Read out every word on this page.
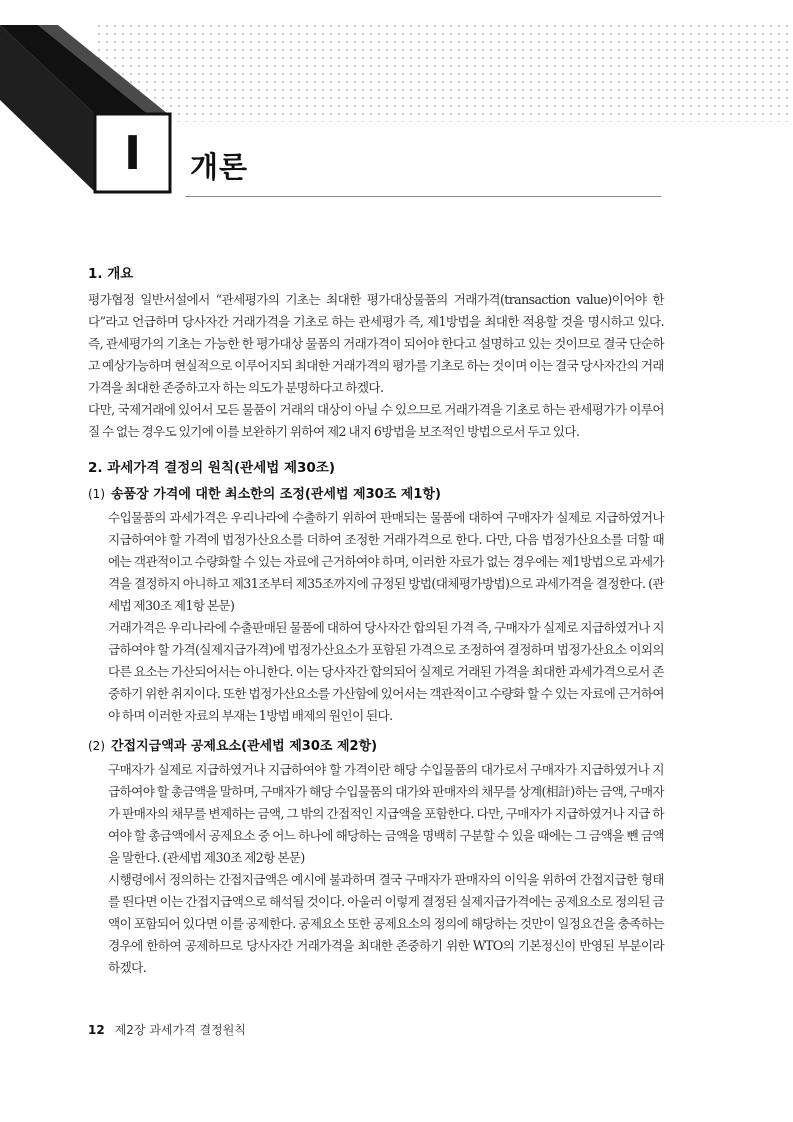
I	개론
1. 개요

평가협정 일반서설에서 “관세평가의 기초는 최대한 평가대상물품의 거래가격(transaction value)이어야 한다”라고 언급하며 당사자간 거래가격을 기초로 하는 관세평가 즉, 제1방법을 최대한 적용할 것을 명시하고 있다. 즉, 관세평가의 기초는 가능한 한 평가대상 물품의 거래가격이 되어야 한다고 설명하고 있는 것이므로 결국 단순하고 예상가능하며 현실적으로 이루어지되 최대한 거래가격의 평가를 기초로 하는 것이며 이는 결국 당사자간의 거래가격을 최대한 존중하고자 하는 의도가 분명하다고 하겠다.

다만, 국제거래에 있어서 모든 물품이 거래의 대상이 아닐 수 있으므로 거래가격을 기초로 하는 관세평가가 이루어질 수 없는 경우도 있기에 이를 보완하기 위하여 제2 내지 6방법을 보조적인 방법으로서 두고 있다.

2. 과세가격 결정의 원칙(관세법 제30조)
(1) 송품장 가격에 대한 최소한의 조정(관세법 제30조 제1항)

수입물품의 과세가격은 우리나라에 수출하기 위하여 판매되는 물품에 대하여 구매자가 실제로 지급하였거나 지급하여야 할 가격에 법정가산요소를 더하여 조정한 거래가격으로 한다. 다만, 다음 법정가산요소를 더할 때에는 객관적이고 수량화할 수 있는 자료에 근거하여야 하며, 이러한 자료가 없는 경우에는 제1방법으로 과세가격을 결정하지 아니하고 제31조부터 제35조까지에 규정된 방법(대체평가방법)으로 과세가격을 결정한다. (관세법 제30조 제1항 본문)

거래가격은 우리나라에 수출판매된 물품에 대하여 당사자간 합의된 가격 즉, 구매자가 실제로 지급하였거나 지급하여야 할 가격(실제지급가격)에 법정가산요소가 포함된 가격으로 조정하여 결정하며 법정가산요소 이외의 다른 요소는 가산되어서는 아니한다. 이는 당사자간 합의되어 실제로 거래된 가격을 최대한 과세가격으로서 존중하기 위한 취지이다. 또한 법정가산요소를 가산함에 있어서는 객관적이고 수량화 할 수 있는 자료에 근거하여야 하며 이러한 자료의 부재는 1방법 배제의 원인이 된다.

(2) 간접지급액과 공제요소(관세법 제30조 제2항)

구매자가 실제로 지급하였거나 지급하여야 할 가격이란 해당 수입물품의 대가로서 구매자가 지급하였거나 지급하여야 할 총금액을 말하며, 구매자가 해당 수입물품의 대가와 판매자의 채무를 상계(相計)하는 금액, 구매자가 판매자의 채무를 변제하는 금액, 그 밖의 간접적인 지급액을 포함한다. 다만, 구매자가 지급하였거나 지급 하여야 할 총금액에서 공제요소 중 어느 하나에 해당하는 금액을 명백히 구분할 수 있을 때에는 그 금액을 뺀 금액을 말한다. (관세법 제30조 제2항 본문)

시행령에서 정의하는 간접지급액은 예시에 불과하며 결국 구매자가 판매자의 이익을 위하여 간접지급한 형태를 띈다면 이는 간접지급액으로 해석될 것이다. 아울러 이렇게 결정된 실제지급가격에는 공제요소로 정의된 금액이 포함되어 있다면 이를 공제한다. 공제요소 또한 공제요소의 정의에 해당하는 것만이 일정요건을 충족하는 경우에 한하여 공제하므로 당사자간 거래가격을 최대한 존중하기 위한 WTO의 기본정신이 반영된 부분이라 하겠다.

12 제2장 과세가격 결정원칙
